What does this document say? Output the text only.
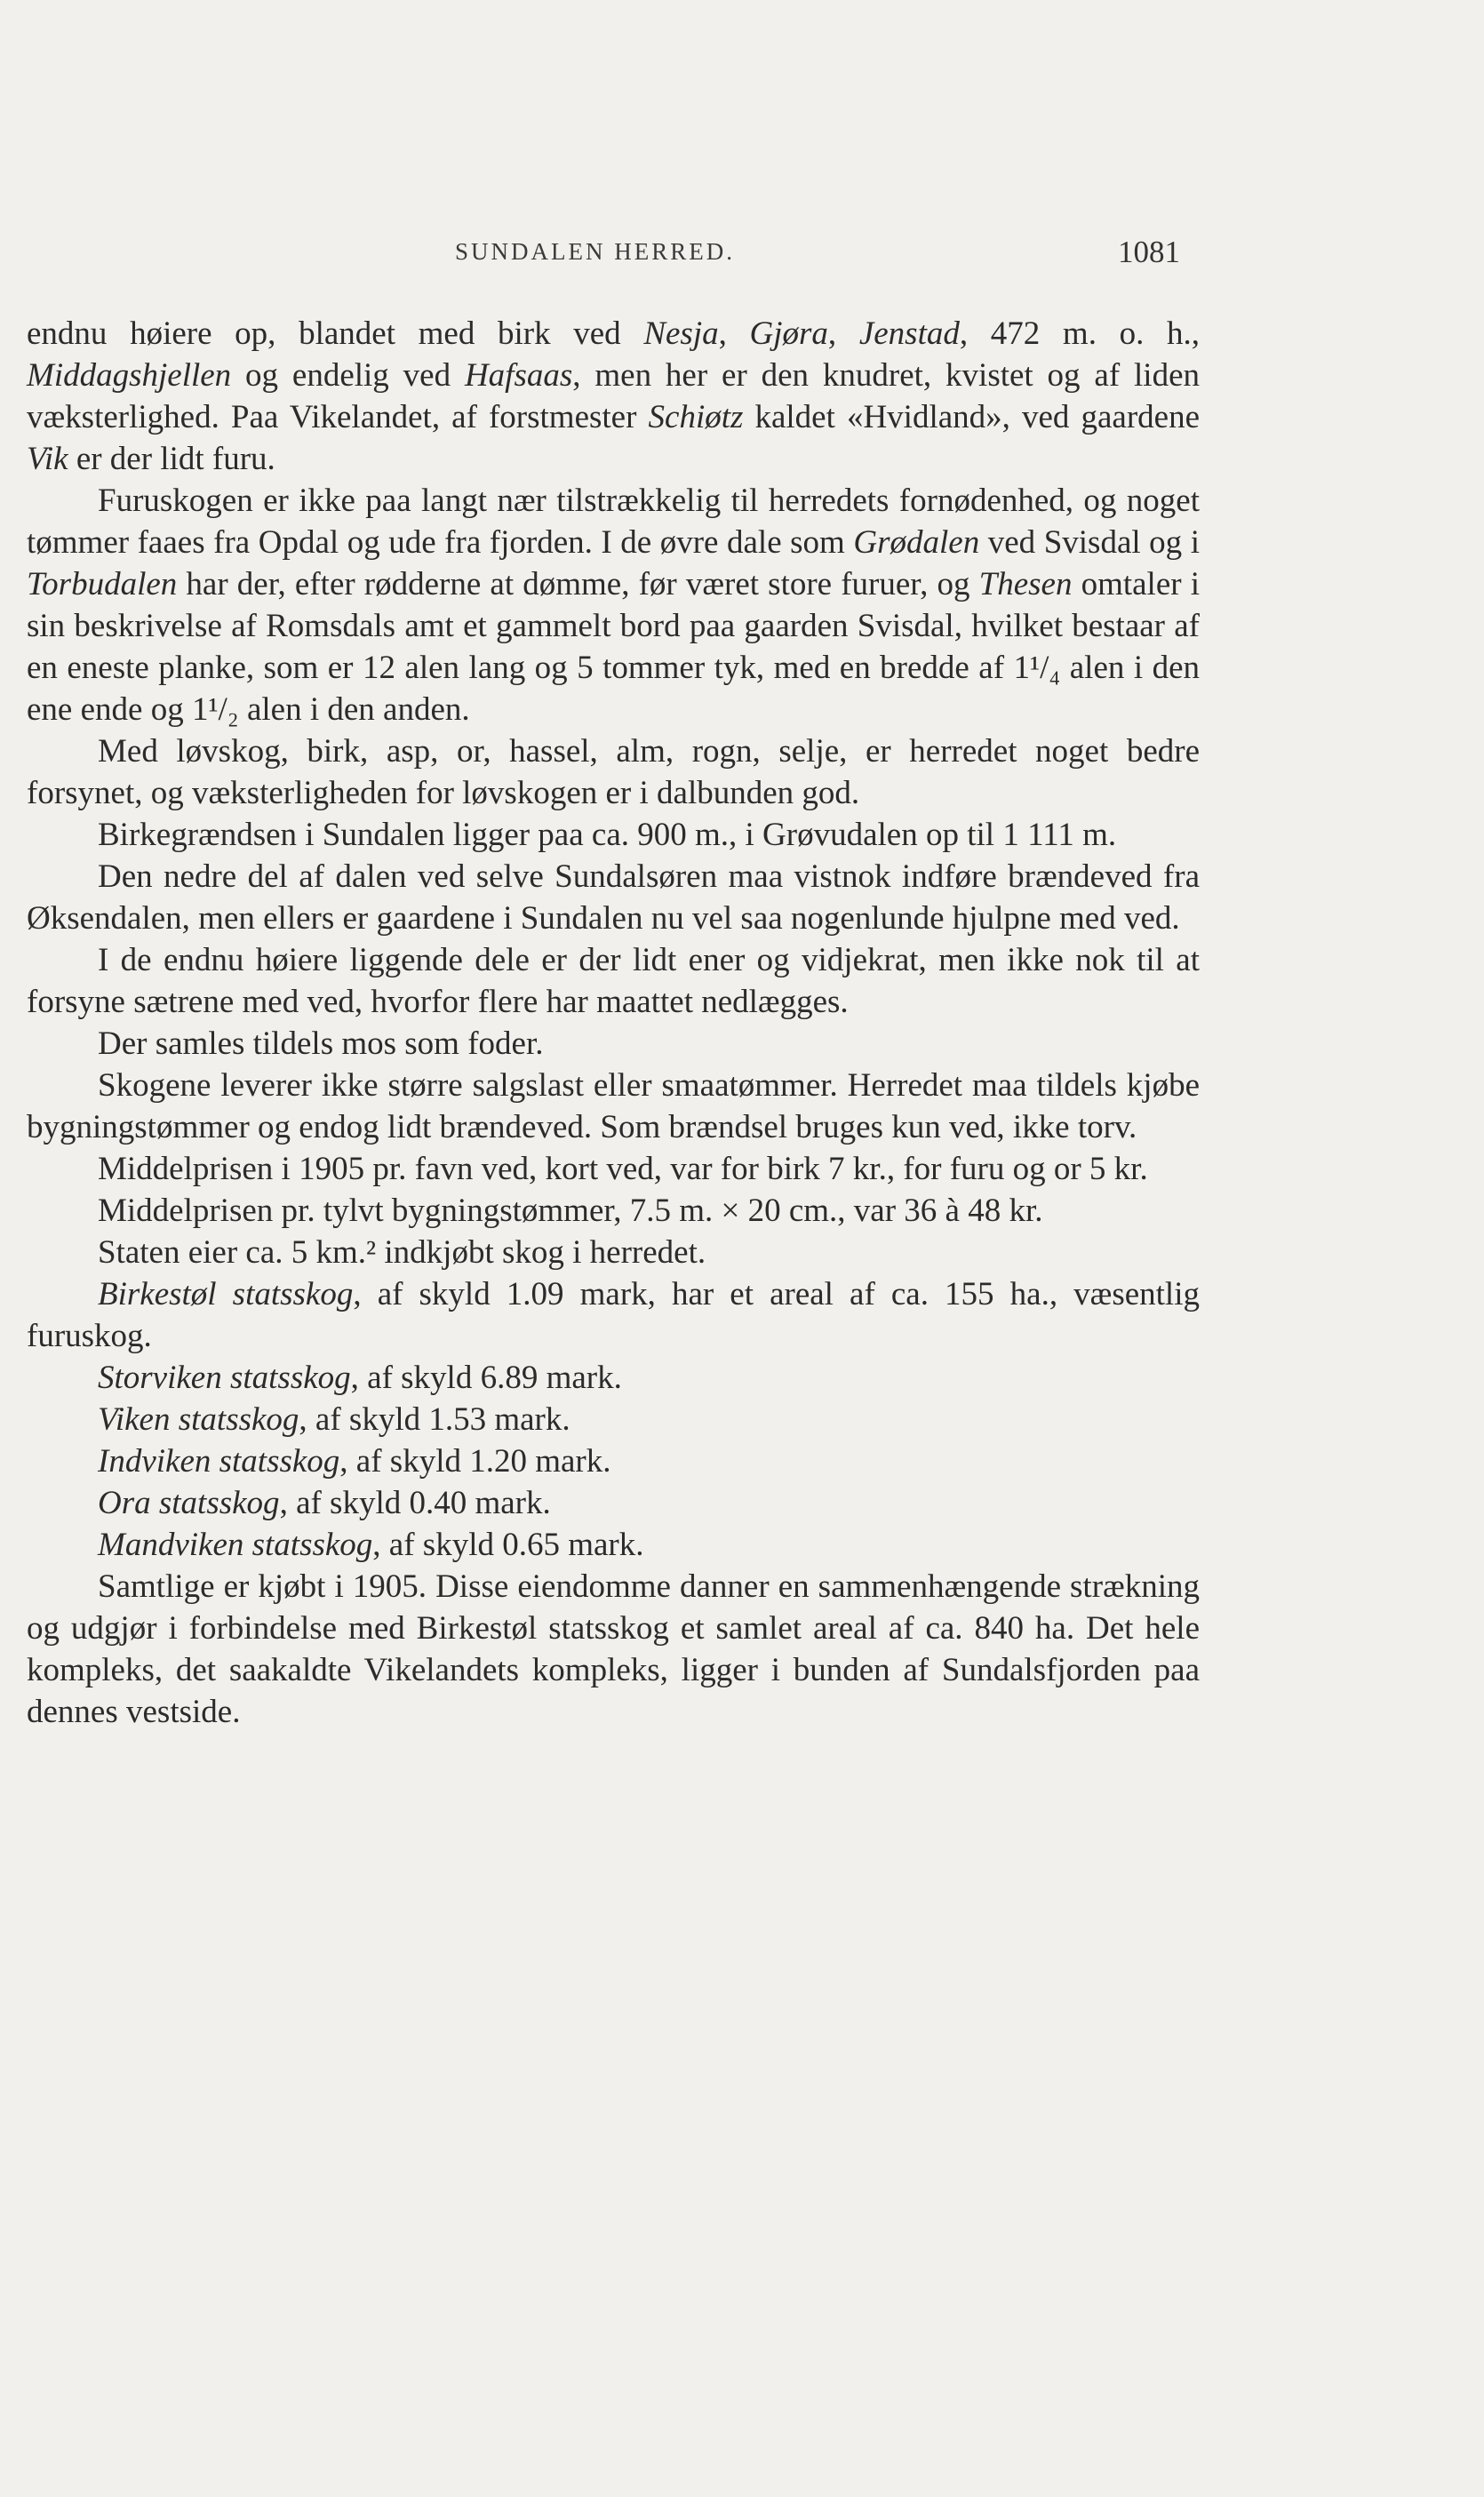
SUNDALEN HERRED.	1081

endnu høiere op, blandet med birk ved Nesja, Gjøra, Jenstad, 472 m. o. h., Middagshjellen og endelig ved Hafsaas, men her er den knudret, kvistet og af liden væksterlighed. Paa Vikelandet, af forstmester Schiøtz kaldet «Hvidland», ved gaardene Vik er der lidt furu.

Furuskogen er ikke paa langt nær tilstrækkelig til herredets fornødenhed, og noget tømmer faaes fra Opdal og ude fra fjorden. I de øvre dale som Grødalen ved Svisdal og i Torbudalen har der, efter rødderne at dømme, før været store furuer, og Thesen omtaler i sin beskrivelse af Romsdals amt et gammelt bord paa gaarden Svisdal, hvilket bestaar af en eneste planke, som er 12 alen lang og 5 tommer tyk, med en bredde af 1¹/₄ alen i den ene ende og 1¹/₂ alen i den anden.

Med løvskog, birk, asp, or, hassel, alm, rogn, selje, er herredet noget bedre forsynet, og væksterligheden for løvskogen er i dalbunden god.

Birkegrændsen i Sundalen ligger paa ca. 900 m., i Grøvudalen op til 1 111 m.

Den nedre del af dalen ved selve Sundalsøren maa vistnok indføre brændeved fra Øksendalen, men ellers er gaardene i Sundalen nu vel saa nogenlunde hjulpne med ved.

I de endnu høiere liggende dele er der lidt ener og vidjekrat, men ikke nok til at forsyne sætrene med ved, hvorfor flere har maattet nedlægges.

Der samles tildels mos som foder.

Skogene leverer ikke større salgslast eller smaatømmer. Herredet maa tildels kjøbe bygningstømmer og endog lidt brændeved. Som brændsel bruges kun ved, ikke torv.

Middelprisen i 1905 pr. favn ved, kort ved, var for birk 7 kr., for furu og or 5 kr.

Middelprisen pr. tylvt bygningstømmer, 7.5 m. × 20 cm., var 36 à 48 kr.

Staten eier ca. 5 km.² indkjøbt skog i herredet.

Birkestøl statsskog, af skyld 1.09 mark, har et areal af ca. 155 ha., væsentlig furuskog.

Storviken statsskog, af skyld 6.89 mark.

Viken statsskog, af skyld 1.53 mark.

Indviken statsskog, af skyld 1.20 mark.

Ora statsskog, af skyld 0.40 mark.

Mandviken statsskog, af skyld 0.65 mark.

Samtlige er kjøbt i 1905. Disse eiendomme danner en sammenhængende strækning og udgjør i forbindelse med Birkestøl statsskog et samlet areal af ca. 840 ha. Det hele kompleks, det saakaldte Vikelandets kompleks, ligger i bunden af Sundalsfjorden paa dennes vestside.
